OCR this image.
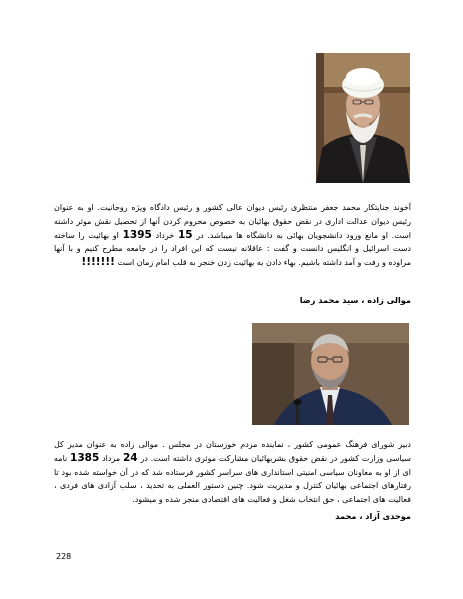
آخوند جنایتکار محمد جعفر منتظری رئیس دیوان عالی کشور و رئیس دادگاه ویژه روحانیت. او به عنوان رئیس دیوان عدالت اداری در نقض حقوق بهائیان به خصوص محروم کردن آنها از تحصیل نقش موثر داشته است. او مانع ورود دانشجویان بهائی به دانشگاه ها میباشد. در 15 خرداد 1395 او بهائیت را ساخته دست اسرائیل و انگلیس دانست و گفت : عاقلانه نیست که این افراد را در جامعه مطرح کنیم و با آنها مراوده و رفت و آمد داشته باشیم. بهاء دادن به بهائیت زدن خنجر به قلب امام زمان است !!!!!!!

موالی زاده ، سید محمد رضا

دبیر شورای فرهنگ عمومی کشور ، نماینده مردم خوزستان در مجلس . موالی زاده به عنوان مدیر کل سیاسی وزارت کشور در نقض حقوق بشربهائیان مشارکت موثری داشته است. در 24 مرداد 1385 نامه ای از او به معاونان سیاسی امنیتی استانداری های سراسر کشور فرستاده شد که در آن خواسته شده بود تا رفتارهای اجتماعی بهائیان کنترل و مدیریت شود. چنین دستور العملی به تحدید ، سلب آزادی های فردی ، فعالیت های اجتماعی ، حق انتخاب شغل و فعالیت های اقتصادی منجر شده و میشود.

موحدی آزاد ، محمد
228
